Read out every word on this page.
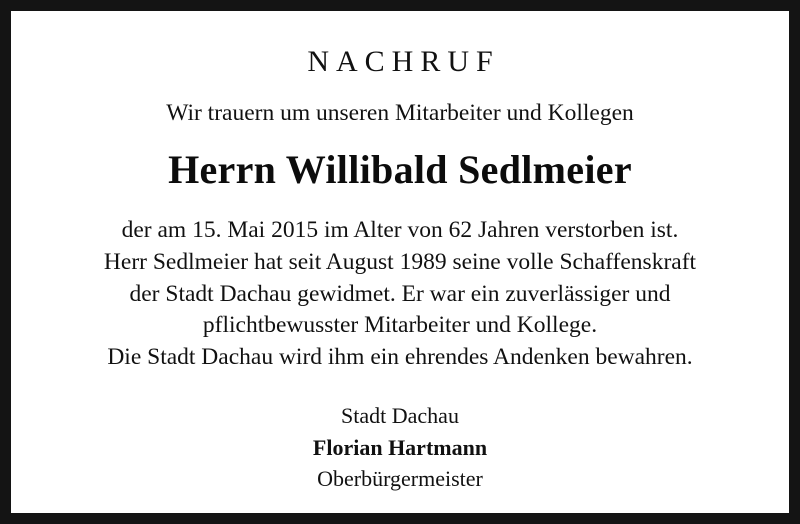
NACHRUF
Wir trauern um unseren Mitarbeiter und Kollegen
Herrn Willibald Sedlmeier
der am 15. Mai 2015 im Alter von 62 Jahren verstorben ist.
Herr Sedlmeier hat seit August 1989 seine volle Schaffenskraft
der Stadt Dachau gewidmet. Er war ein zuverlässiger und
pflichtbewusster Mitarbeiter und Kollege.
Die Stadt Dachau wird ihm ein ehrendes Andenken bewahren.
Stadt Dachau
Florian Hartmann
Oberbürgermeister
